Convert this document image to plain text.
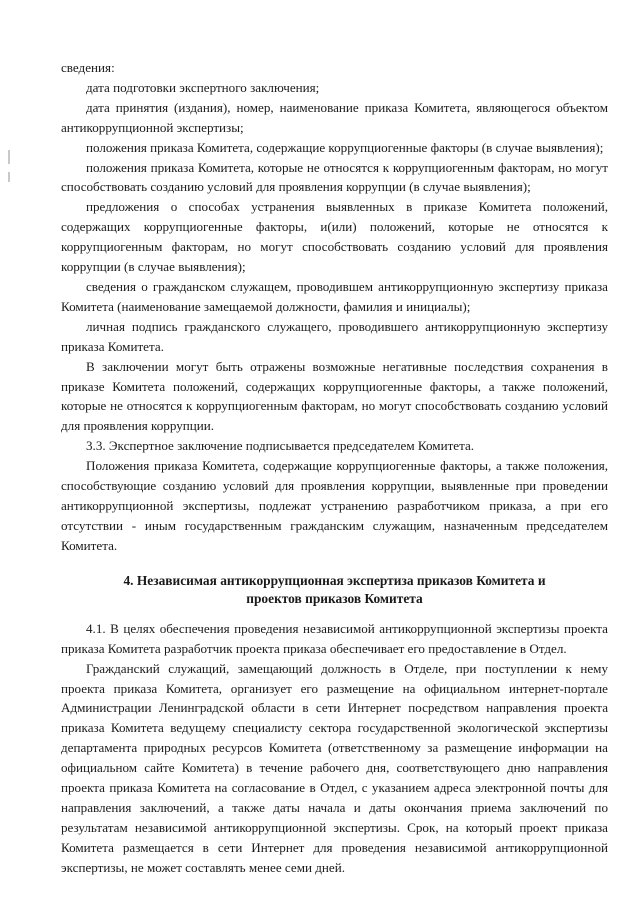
сведения:

дата подготовки экспертного заключения;

дата принятия (издания), номер, наименование приказа Комитета, являющегося объектом антикоррупционной экспертизы;

положения приказа Комитета, содержащие коррупциогенные факторы (в случае выявления);

положения приказа Комитета, которые не относятся к коррупциогенным факторам, но могут способствовать созданию условий для проявления коррупции (в случае выявления);

предложения о способах устранения выявленных в приказе Комитета положений, содержащих коррупциогенные факторы, и(или) положений, которые не относятся к коррупциогенным факторам, но могут способствовать созданию условий для проявления коррупции (в случае выявления);

сведения о гражданском служащем, проводившем антикоррупционную экспертизу приказа Комитета (наименование замещаемой должности, фамилия и инициалы);

личная подпись гражданского служащего, проводившего антикоррупционную экспертизу приказа Комитета.

В заключении могут быть отражены возможные негативные последствия сохранения в приказе Комитета положений, содержащих коррупциогенные факторы, а также положений, которые не относятся к коррупциогенным факторам, но могут способствовать созданию условий для проявления коррупции.

3.3. Экспертное заключение подписывается председателем Комитета.

Положения приказа Комитета, содержащие коррупциогенные факторы, а также положения, способствующие созданию условий для проявления коррупции, выявленные при проведении антикоррупционной экспертизы, подлежат устранению разработчиком приказа, а при его отсутствии - иным государственным гражданским служащим, назначенным председателем Комитета.

4. Независимая антикоррупционная экспертиза приказов Комитета и
проектов приказов Комитета

4.1. В целях обеспечения проведения независимой антикоррупционной экспертизы проекта приказа Комитета разработчик проекта приказа обеспечивает его предоставление в Отдел.

Гражданский служащий, замещающий должность в Отделе, при поступлении к нему проекта приказа Комитета, организует его размещение на официальном интернет-портале Администрации Ленинградской области в сети Интернет посредством направления проекта приказа Комитета ведущему специалисту сектора государственной экологической экспертизы департамента природных ресурсов Комитета (ответственному за размещение информации на официальном сайте Комитета) в течение рабочего дня, соответствующего дню направления проекта приказа Комитета на согласование в Отдел, с указанием адреса электронной почты для направления заключений, а также даты начала и даты окончания приема заключений по результатам независимой антикоррупционной экспертизы. Срок, на который проект приказа Комитета размещается в сети Интернет для проведения независимой антикоррупционной экспертизы, не может составлять менее семи дней.
